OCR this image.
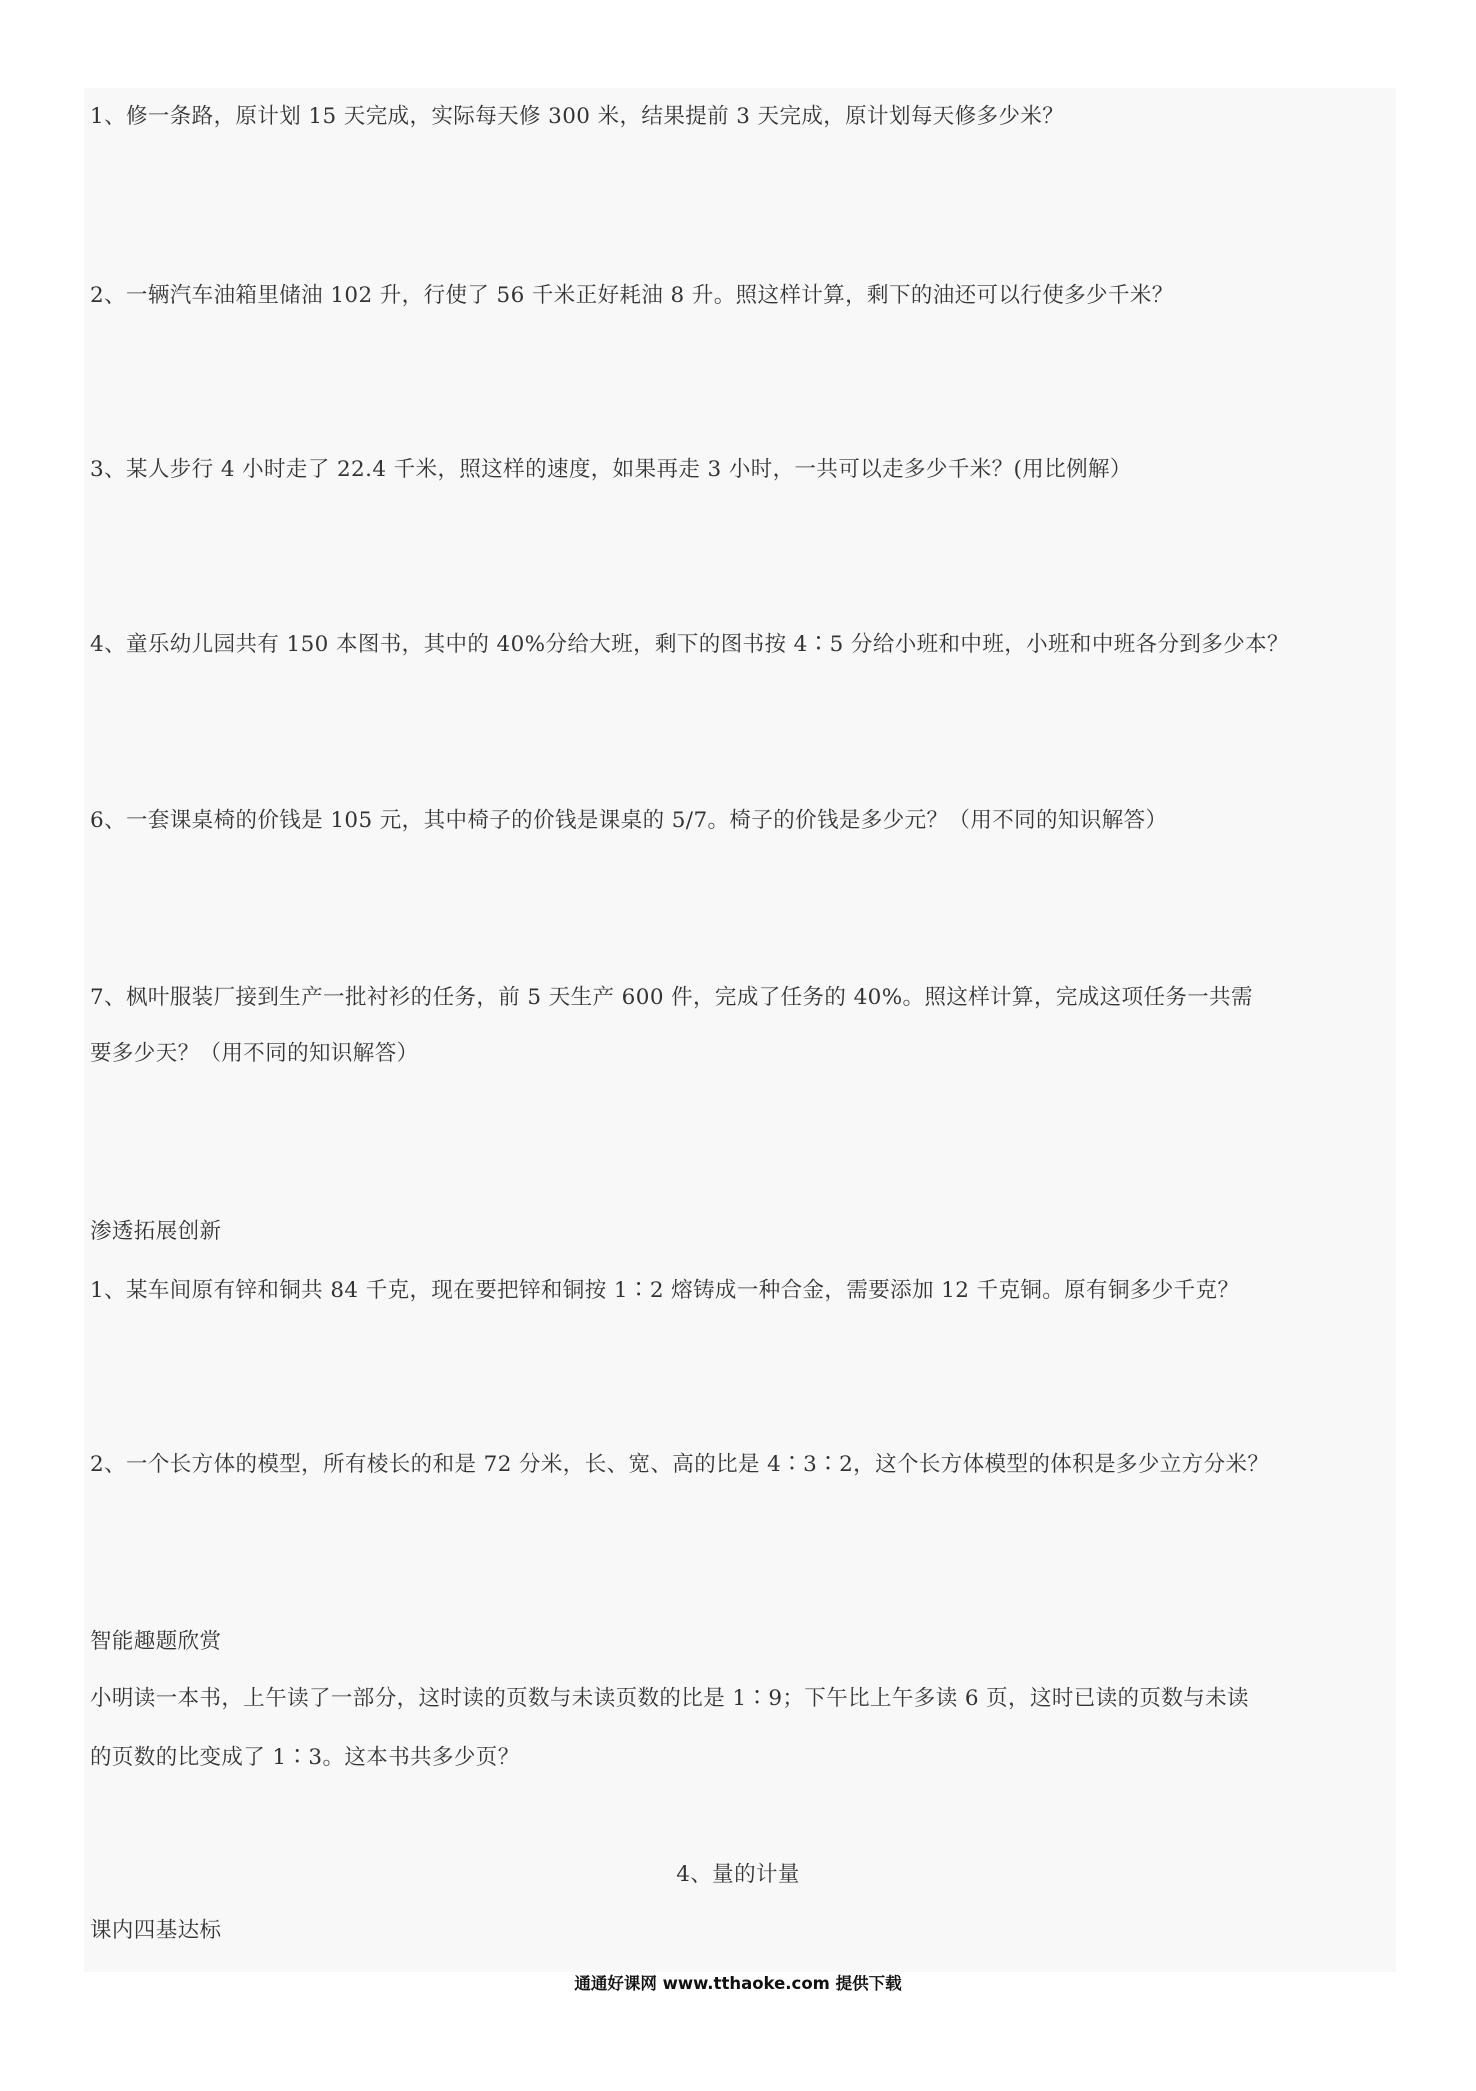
1、修一条路，原计划 15 天完成，实际每天修 300 米，结果提前 3 天完成，原计划每天修多少米？
2、一辆汽车油箱里储油 102 升，行使了 56 千米正好耗油 8 升。照这样计算，剩下的油还可以行使多少千米？
3、某人步行 4 小时走了 22.4 千米，照这样的速度，如果再走 3 小时，一共可以走多少千米？(用比例解）
4、童乐幼儿园共有 150 本图书，其中的 40%分给大班，剩下的图书按 4∶5 分给小班和中班，小班和中班各分到多少本？
6、一套课桌椅的价钱是 105 元，其中椅子的价钱是课桌的 5/7。椅子的价钱是多少元？（用不同的知识解答）
7、枫叶服装厂接到生产一批衬衫的任务，前 5 天生产 600 件，完成了任务的 40%。照这样计算，完成这项任务一共需
要多少天？（用不同的知识解答）
渗透拓展创新
1、某车间原有锌和铜共 84 千克，现在要把锌和铜按 1∶2 熔铸成一种合金，需要添加 12 千克铜。原有铜多少千克？
2、一个长方体的模型，所有棱长的和是 72 分米，长、宽、高的比是 4∶3∶2，这个长方体模型的体积是多少立方分米？
智能趣题欣赏
小明读一本书，上午读了一部分，这时读的页数与未读页数的比是 1∶9；下午比上午多读 6 页，这时已读的页数与未读
的页数的比变成了 1∶3。这本书共多少页？
4、量的计量
课内四基达标
通通好课网 www.tthaoke.com 提供下载
